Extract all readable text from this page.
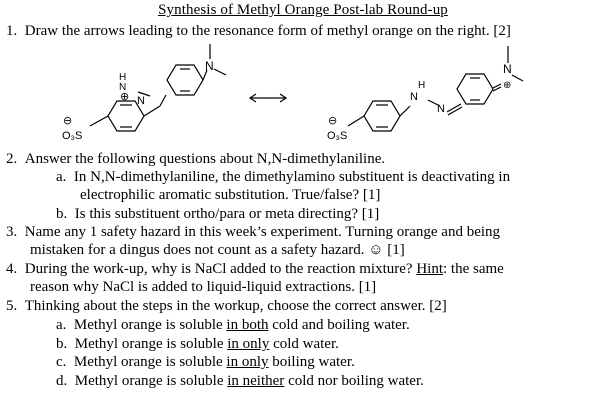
Synthesis of Methyl Orange Post-lab Round-up
1. Draw the arrows leading to the resonance form of methyl orange on the right. [2]
N
H
N
N
⊕
O₃S
⊖
N
⊕
H
N
N
O₃S
⊖
2. Answer the following questions about N,N-dimethylaniline.
a. In N,N-dimethylaniline, the dimethylamino substituent is deactivating in
electrophilic aromatic substitution. True/false? [1]
b. Is this substituent ortho/para or meta directing? [1]
3. Name any 1 safety hazard in this week’s experiment. Turning orange and being
mistaken for a dingus does not count as a safety hazard. ☺ [1]
4. During the work-up, why is NaCl added to the reaction mixture? Hint: the same
reason why NaCl is added to liquid-liquid extractions. [1]
5. Thinking about the steps in the workup, choose the correct answer. [2]
a. Methyl orange is soluble in both cold and boiling water.
b. Methyl orange is soluble in only cold water.
c. Methyl orange is soluble in only boiling water.
d. Methyl orange is soluble in neither cold nor boiling water.
